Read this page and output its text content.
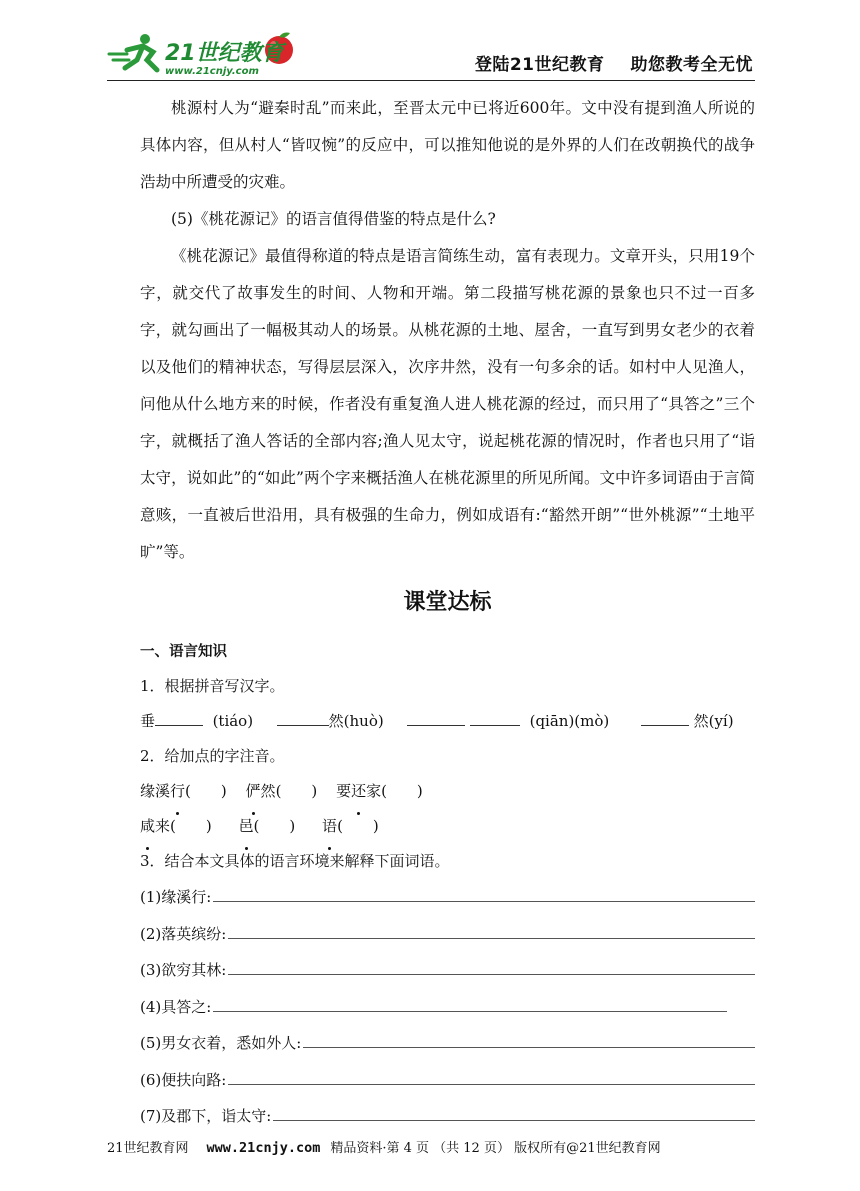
21世纪教育
www.21cnjy.com	登陆21世纪教育 助您教考全无忧

桃源村人为“避秦时乱”而来此，至晋太元中已将近600年。文中没有提到渔人所说的具体内容，但从村人“皆叹惋”的反应中，可以推知他说的是外界的人们在改朝换代的战争浩劫中所遭受的灾难。

(5)《桃花源记》的语言值得借鉴的特点是什么?

《桃花源记》最值得称道的特点是语言简练生动，富有表现力。文章开头，只用19个字，就交代了故事发生的时间、人物和开端。第二段描写桃花源的景象也只不过一百多字，就勾画出了一幅极其动人的场景。从桃花源的土地、屋舍，一直写到男女老少的衣着以及他们的精神状态，写得层层深入，次序井然，没有一句多余的话。如村中人见渔人，问他从什么地方来的时候，作者没有重复渔人进人桃花源的经过，而只用了“具答之”三个字，就概括了渔人答话的全部内容;渔人见太守，说起桃花源的情况时，作者也只用了“诣太守，说如此”的“如此”两个字来概括渔人在桃花源里的所见所闻。文中许多词语由于言简意赅，一直被后世沿用，具有极强的生命力，例如成语有:“豁然开朗”“世外桃源”“土地平旷”等。

课堂达标

一、语言知识

1．根据拼音写汉字。

垂	(tiáo)	然(huò)	(qiān)(mò)	然(yí)

2．给加点的字注音。

缘溪行(　　) 俨然(　　) 要还家(　　)

咸来(　　) 邑(　　) 语(　　)

3．结合本文具体的语言环境来解释下面词语。

(1)缘溪行:
(2)落英缤纷:
(3)欲穷其林:
(4)具答之:
(5)男女衣着，悉如外人:
(6)便扶向路:
(7)及郡下，诣太守:
21世纪教育网 www.21cnjy.com 精品资料·第 4 页 （共 12 页） 版权所有@21世纪教育网
